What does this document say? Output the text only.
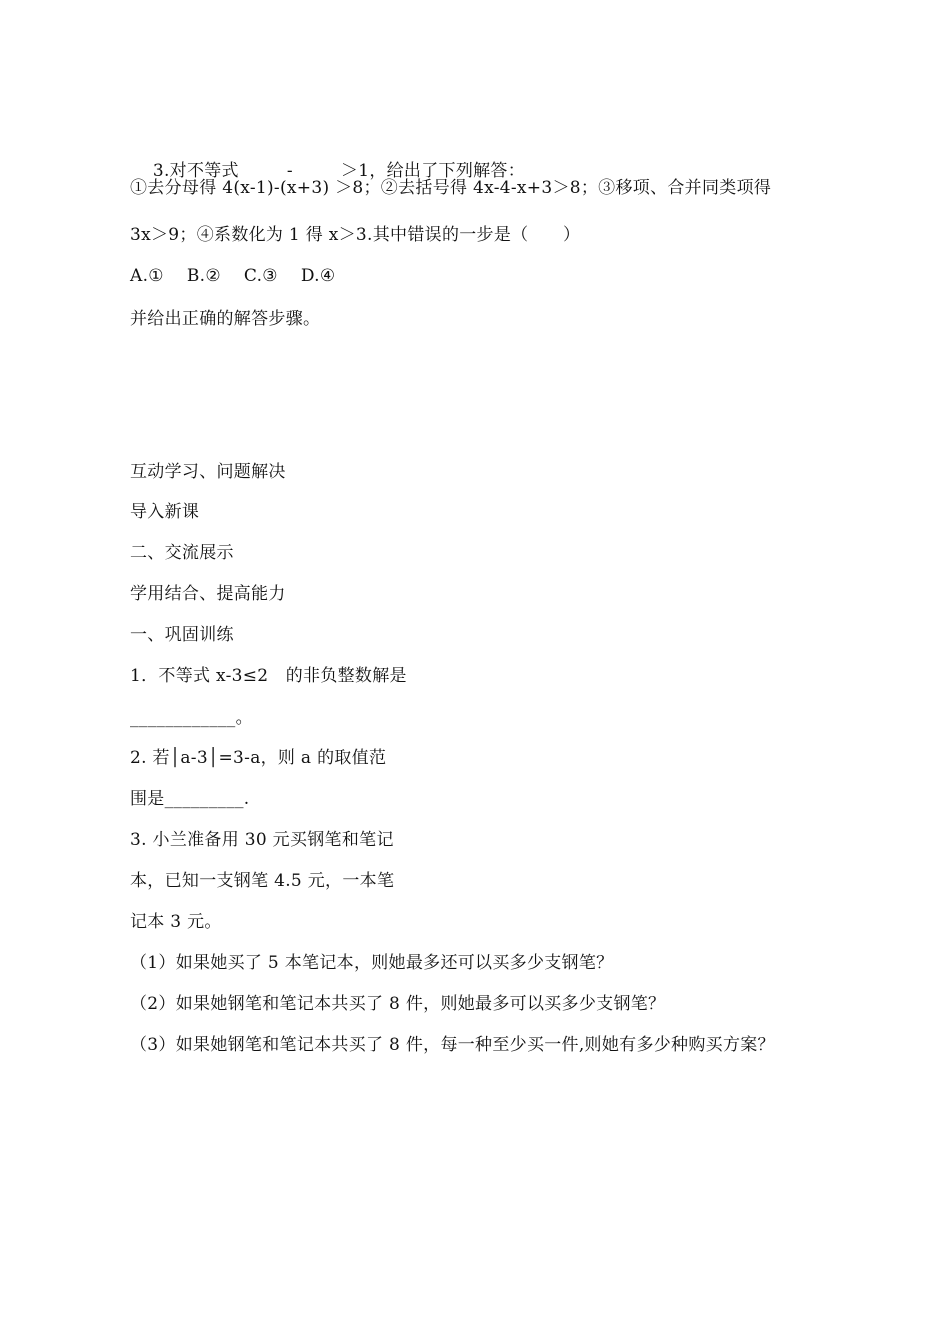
3.对不等式	-	＞1，给出了下列解答：

①去分母得 4(x-1)-(x+3) ＞8；②去括号得 4x-4-x+3＞8；③移项、合并同类项得
3x＞9；④系数化为 1 得 x＞3.其中错误的一步是（　　）
A.①　 B.②　 C.③　 D.④
并给出正确的解答步骤。
互动学习、问题解决
导入新课
二、交流展示
学用结合、提高能力
一、巩固训练
1．不等式 x-3≤2　的非负整数解是
____________。
2. 若│a-3│=3-a，则 a 的取值范
围是_________.
3. 小兰准备用 30 元买钢笔和笔记
本，已知一支钢笔 4.5 元，一本笔
记本 3 元。
（1）如果她买了 5 本笔记本，则她最多还可以买多少支钢笔？
（2）如果她钢笔和笔记本共买了 8 件，则她最多可以买多少支钢笔？
（3）如果她钢笔和笔记本共买了 8 件，每一种至少买一件,则她有多少种购买方案？
